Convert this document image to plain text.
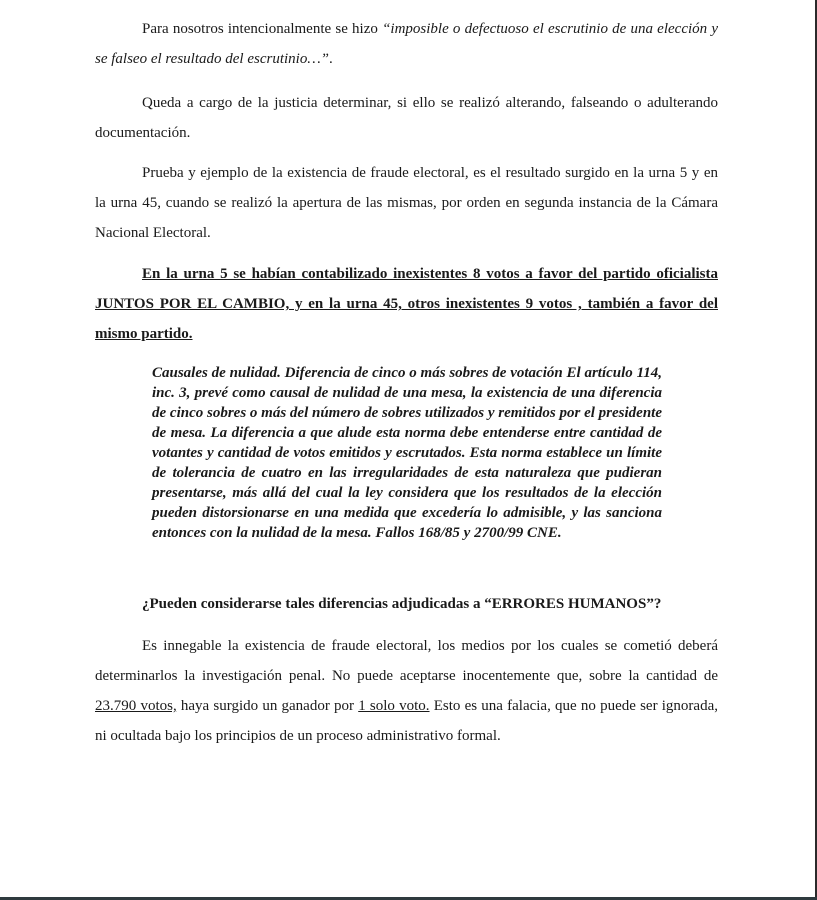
Para nosotros intencionalmente se hizo “imposible o defectuoso el escrutinio de una elección y se falseo el resultado del escrutinio…”.

Queda a cargo de la justicia determinar, si ello se realizó alterando, falseando o adulterando documentación.

Prueba y ejemplo de la existencia de fraude electoral, es el resultado surgido en la urna 5 y en la urna 45, cuando se realizó la apertura de las mismas, por orden en segunda instancia de la Cámara Nacional Electoral.

En la urna 5 se habían contabilizado inexistentes 8 votos a favor del partido oficialista JUNTOS POR EL CAMBIO, y en la urna 45, otros inexistentes 9 votos , también a favor del mismo partido.

Causales de nulidad. Diferencia de cinco o más sobres de votación El artículo 114, inc. 3, prevé como causal de nulidad de una mesa, la existencia de una diferencia de cinco sobres o más del número de sobres utilizados y remitidos por el presidente de mesa. La diferencia a que alude esta norma debe entenderse entre cantidad de votantes y cantidad de votos emitidos y escrutados. Esta norma establece un límite de tolerancia de cuatro en las irregularidades de esta naturaleza que pudieran presentarse, más allá del cual la ley considera que los resultados de la elección pueden distorsionarse en una medida que excedería lo admisible, y las sanciona entonces con la nulidad de la mesa. Fallos 168/85 y 2700/99 CNE.

¿Pueden considerarse tales diferencias adjudicadas a “ERRORES HUMANOS”?

Es innegable la existencia de fraude electoral, los medios por los cuales se cometió deberá determinarlos la investigación penal. No puede aceptarse inocentemente que, sobre la cantidad de 23.790 votos, haya surgido un ganador por 1 solo voto. Esto es una falacia, que no puede ser ignorada, ni ocultada bajo los principios de un proceso administrativo formal.
